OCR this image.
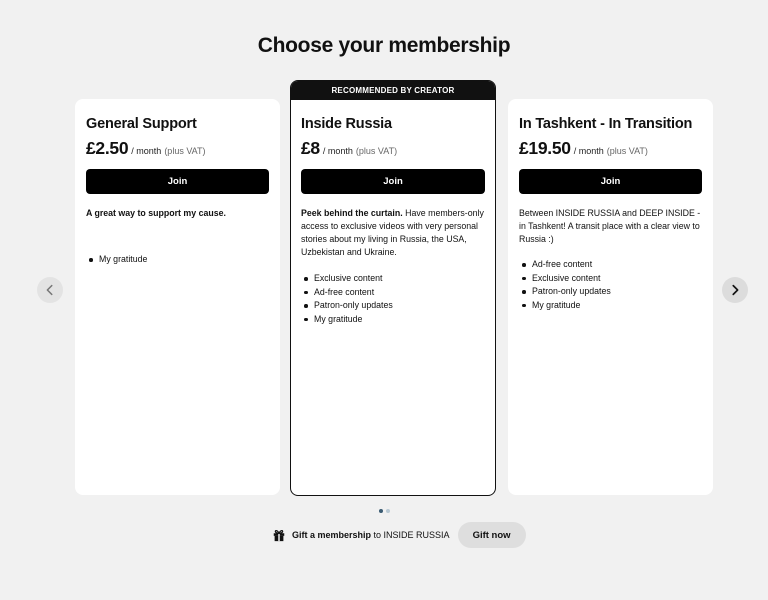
Choose your membership
General Support
£2.50 / month (plus VAT)
Join
A great way to support my cause.
My gratitude
RECOMMENDED BY CREATOR
Inside Russia
£8 / month (plus VAT)
Join
Peek behind the curtain. Have members-only access to exclusive videos with very personal stories about my living in Russia, the USA, Uzbekistan and Ukraine.
Exclusive content
Ad-free content
Patron-only updates
My gratitude
In Tashkent - In Transition
£19.50 / month (plus VAT)
Join
Between INSIDE RUSSIA and DEEP INSIDE - in Tashkent! A transit place with a clear view to Russia :)
Ad-free content
Exclusive content
Patron-only updates
My gratitude
Gift a membership to INSIDE RUSSIA	Gift now
